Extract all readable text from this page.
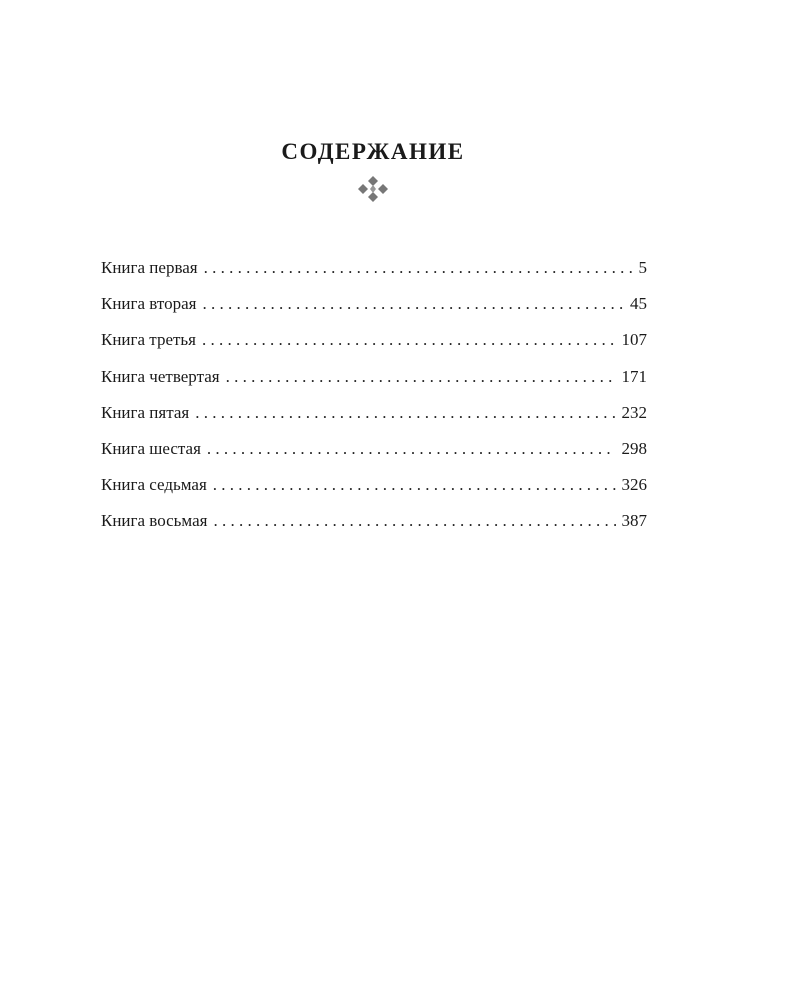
СОДЕРЖАНИЕ
Книга первая . . .	5
Книга вторая . . .	45
Книга третья . . .	107
Книга четвертая . . .	171
Книга пятая . . .	232
Книга шестая . . .	298
Книга седьмая . . .	326
Книга восьмая . . .	387
